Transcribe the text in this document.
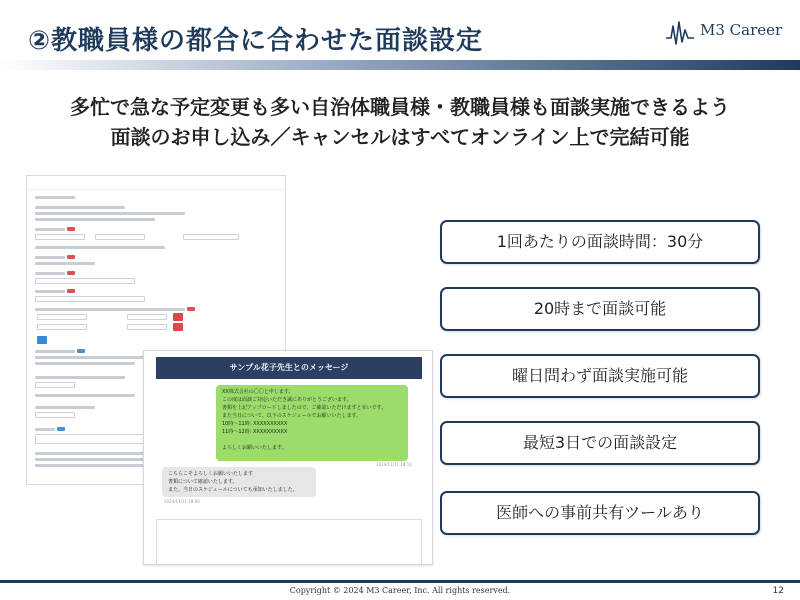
②教職員様の都合に合わせた面談設定	M3 Career
多忙で急な予定変更も多い自治体職員様・教職員様も面談実施できるよう
面談のお申し込み／キャンセルはすべてオンライン上で完結可能
サンプル花子先生とのメッセージ
XX株式会社の〇〇と申します。
この度は面談ご対応いただき誠にありがとうございます。
書類を上記アップロードしましたので、ご確認いただけますと幸いです。
また当日について、以下のスケジュールでお願いいたします。
10時～11時: XXXXXXXXXX
11時～12時: XXXXXXXXXX
よろしくお願いいたします。
2024/11/11 18:13
こちらこそよろしくお願いいたします
書類について確認いたします。
また、当日のスケジュールについても承知いたしました。
2024/11/11 18:00
1回あたりの面談時間：30分
20時まで面談可能
曜日問わず面談実施可能
最短3日での面談設定
医師への事前共有ツールあり
Copyright © 2024 M3 Career, Inc. All rights reserved.	12
